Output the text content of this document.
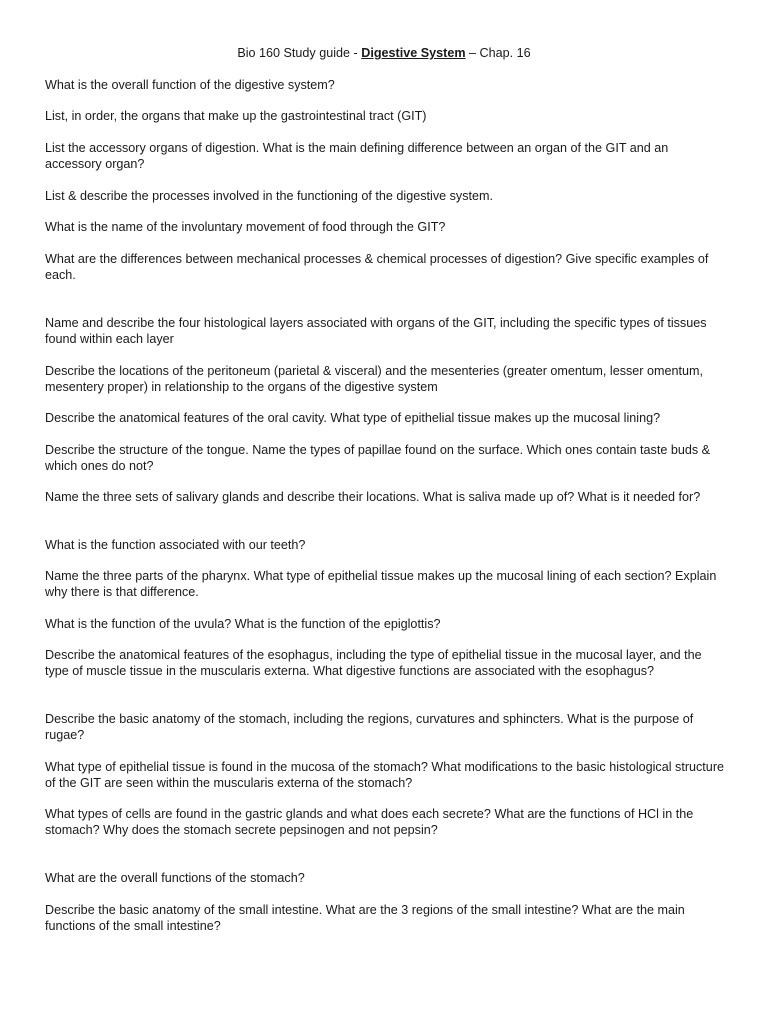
Bio 160 Study guide - Digestive System – Chap. 16

What is the overall function of the digestive system?

List, in order, the organs that make up the gastrointestinal tract (GIT)

List the accessory organs of digestion. What is the main defining difference between an organ of the GIT and an accessory organ?

List & describe the processes involved in the functioning of the digestive system.

What is the name of the involuntary movement of food through the GIT?

What are the differences between mechanical processes & chemical processes of digestion? Give specific examples of each.

Name and describe the four histological layers associated with organs of the GIT, including the specific types of tissues found within each layer

Describe the locations of the peritoneum (parietal & visceral) and the mesenteries (greater omentum, lesser omentum, mesentery proper) in relationship to the organs of the digestive system

Describe the anatomical features of the oral cavity. What type of epithelial tissue makes up the mucosal lining?

Describe the structure of the tongue. Name the types of papillae found on the surface. Which ones contain taste buds & which ones do not?

Name the three sets of salivary glands and describe their locations. What is saliva made up of? What is it needed for?

What is the function associated with our teeth?

Name the three parts of the pharynx. What type of epithelial tissue makes up the mucosal lining of each section? Explain why there is that difference.

What is the function of the uvula? What is the function of the epiglottis?

Describe the anatomical features of the esophagus, including the type of epithelial tissue in the mucosal layer, and the type of muscle tissue in the muscularis externa. What digestive functions are associated with the esophagus?

Describe the basic anatomy of the stomach, including the regions, curvatures and sphincters. What is the purpose of rugae?

What type of epithelial tissue is found in the mucosa of the stomach? What modifications to the basic histological structure of the GIT are seen within the muscularis externa of the stomach?

What types of cells are found in the gastric glands and what does each secrete? What are the functions of HCl in the stomach? Why does the stomach secrete pepsinogen and not pepsin?

What are the overall functions of the stomach?

Describe the basic anatomy of the small intestine. What are the 3 regions of the small intestine? What are the main functions of the small intestine?
